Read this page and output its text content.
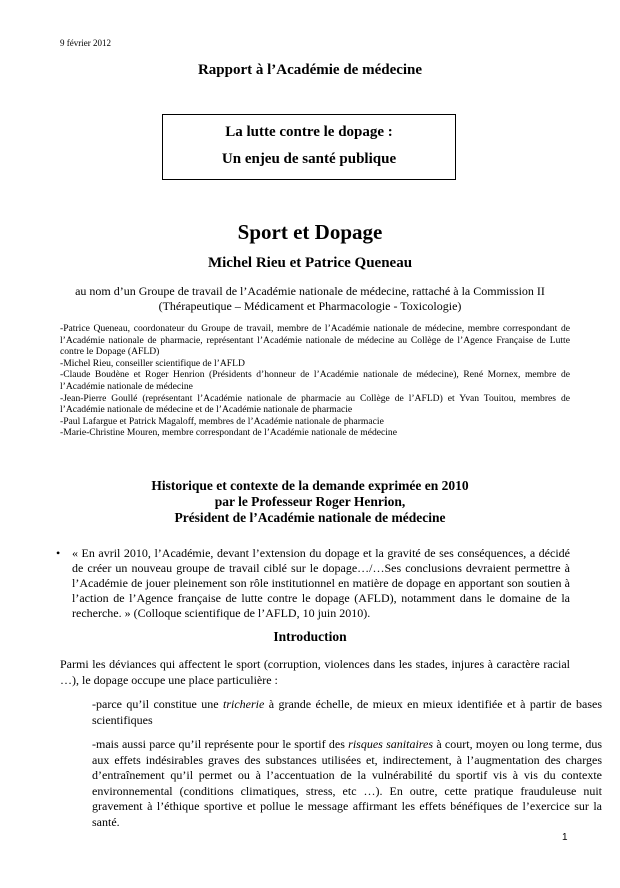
9 février 2012
Rapport à l’Académie de médecine
La lutte contre le dopage :
Un enjeu de santé publique
Sport et Dopage
Michel Rieu et Patrice Queneau
au nom d’un Groupe de travail de l’Académie nationale de médecine, rattaché à la Commission II
(Thérapeutique – Médicament et Pharmacologie - Toxicologie)
-Patrice Queneau, coordonateur du Groupe de travail, membre de l’Académie nationale de médecine, membre correspondant de l’Académie nationale de pharmacie, représentant l’Académie nationale de médecine au Collège de l’Agence Française de Lutte contre le Dopage (AFLD)
-Michel Rieu, conseiller scientifique de l’AFLD
-Claude Boudène et Roger Henrion (Présidents d’honneur de l’Académie nationale de médecine), René Mornex, membre de l’Académie nationale de médecine
-Jean-Pierre Goullé (représentant l’Académie nationale de pharmacie au Collège de l’AFLD) et Yvan Touitou, membres de l’Académie nationale de médecine et de l’Académie nationale de pharmacie
-Paul Lafargue et Patrick Magaloff, membres de l’Académie nationale de pharmacie
-Marie-Christine Mouren, membre correspondant de l’Académie nationale de médecine
Historique et contexte de la demande exprimée en 2010
par le Professeur Roger Henrion,
Président de l’Académie nationale de médecine
• « En avril 2010, l’Académie, devant l’extension du dopage et la gravité de ses conséquences, a décidé de créer un nouveau groupe de travail ciblé sur le dopage…/…Ses conclusions devraient permettre à l’Académie de jouer pleinement son rôle institutionnel en matière de dopage en apportant son soutien à l’action de l’Agence française de lutte contre le dopage (AFLD), notamment dans le domaine de la recherche. » (Colloque scientifique de l’AFLD, 10 juin 2010).
Introduction
Parmi les déviances qui affectent le sport (corruption, violences dans les stades, injures à caractère racial …), le dopage occupe une place particulière :
-parce qu’il constitue une tricherie à grande échelle, de mieux en mieux identifiée et à partir de bases scientifiques
-mais aussi parce qu’il représente pour le sportif des risques sanitaires à court, moyen ou long terme, dus aux effets indésirables graves des substances utilisées et, indirectement, à l’augmentation des charges d’entraînement qu’il permet ou à l’accentuation de la vulnérabilité du sportif vis à vis du contexte environnemental (conditions climatiques, stress, etc …). En outre, cette pratique frauduleuse nuit gravement à l’éthique sportive et pollue le message affirmant les effets bénéfiques de l’exercice sur la santé.
1
